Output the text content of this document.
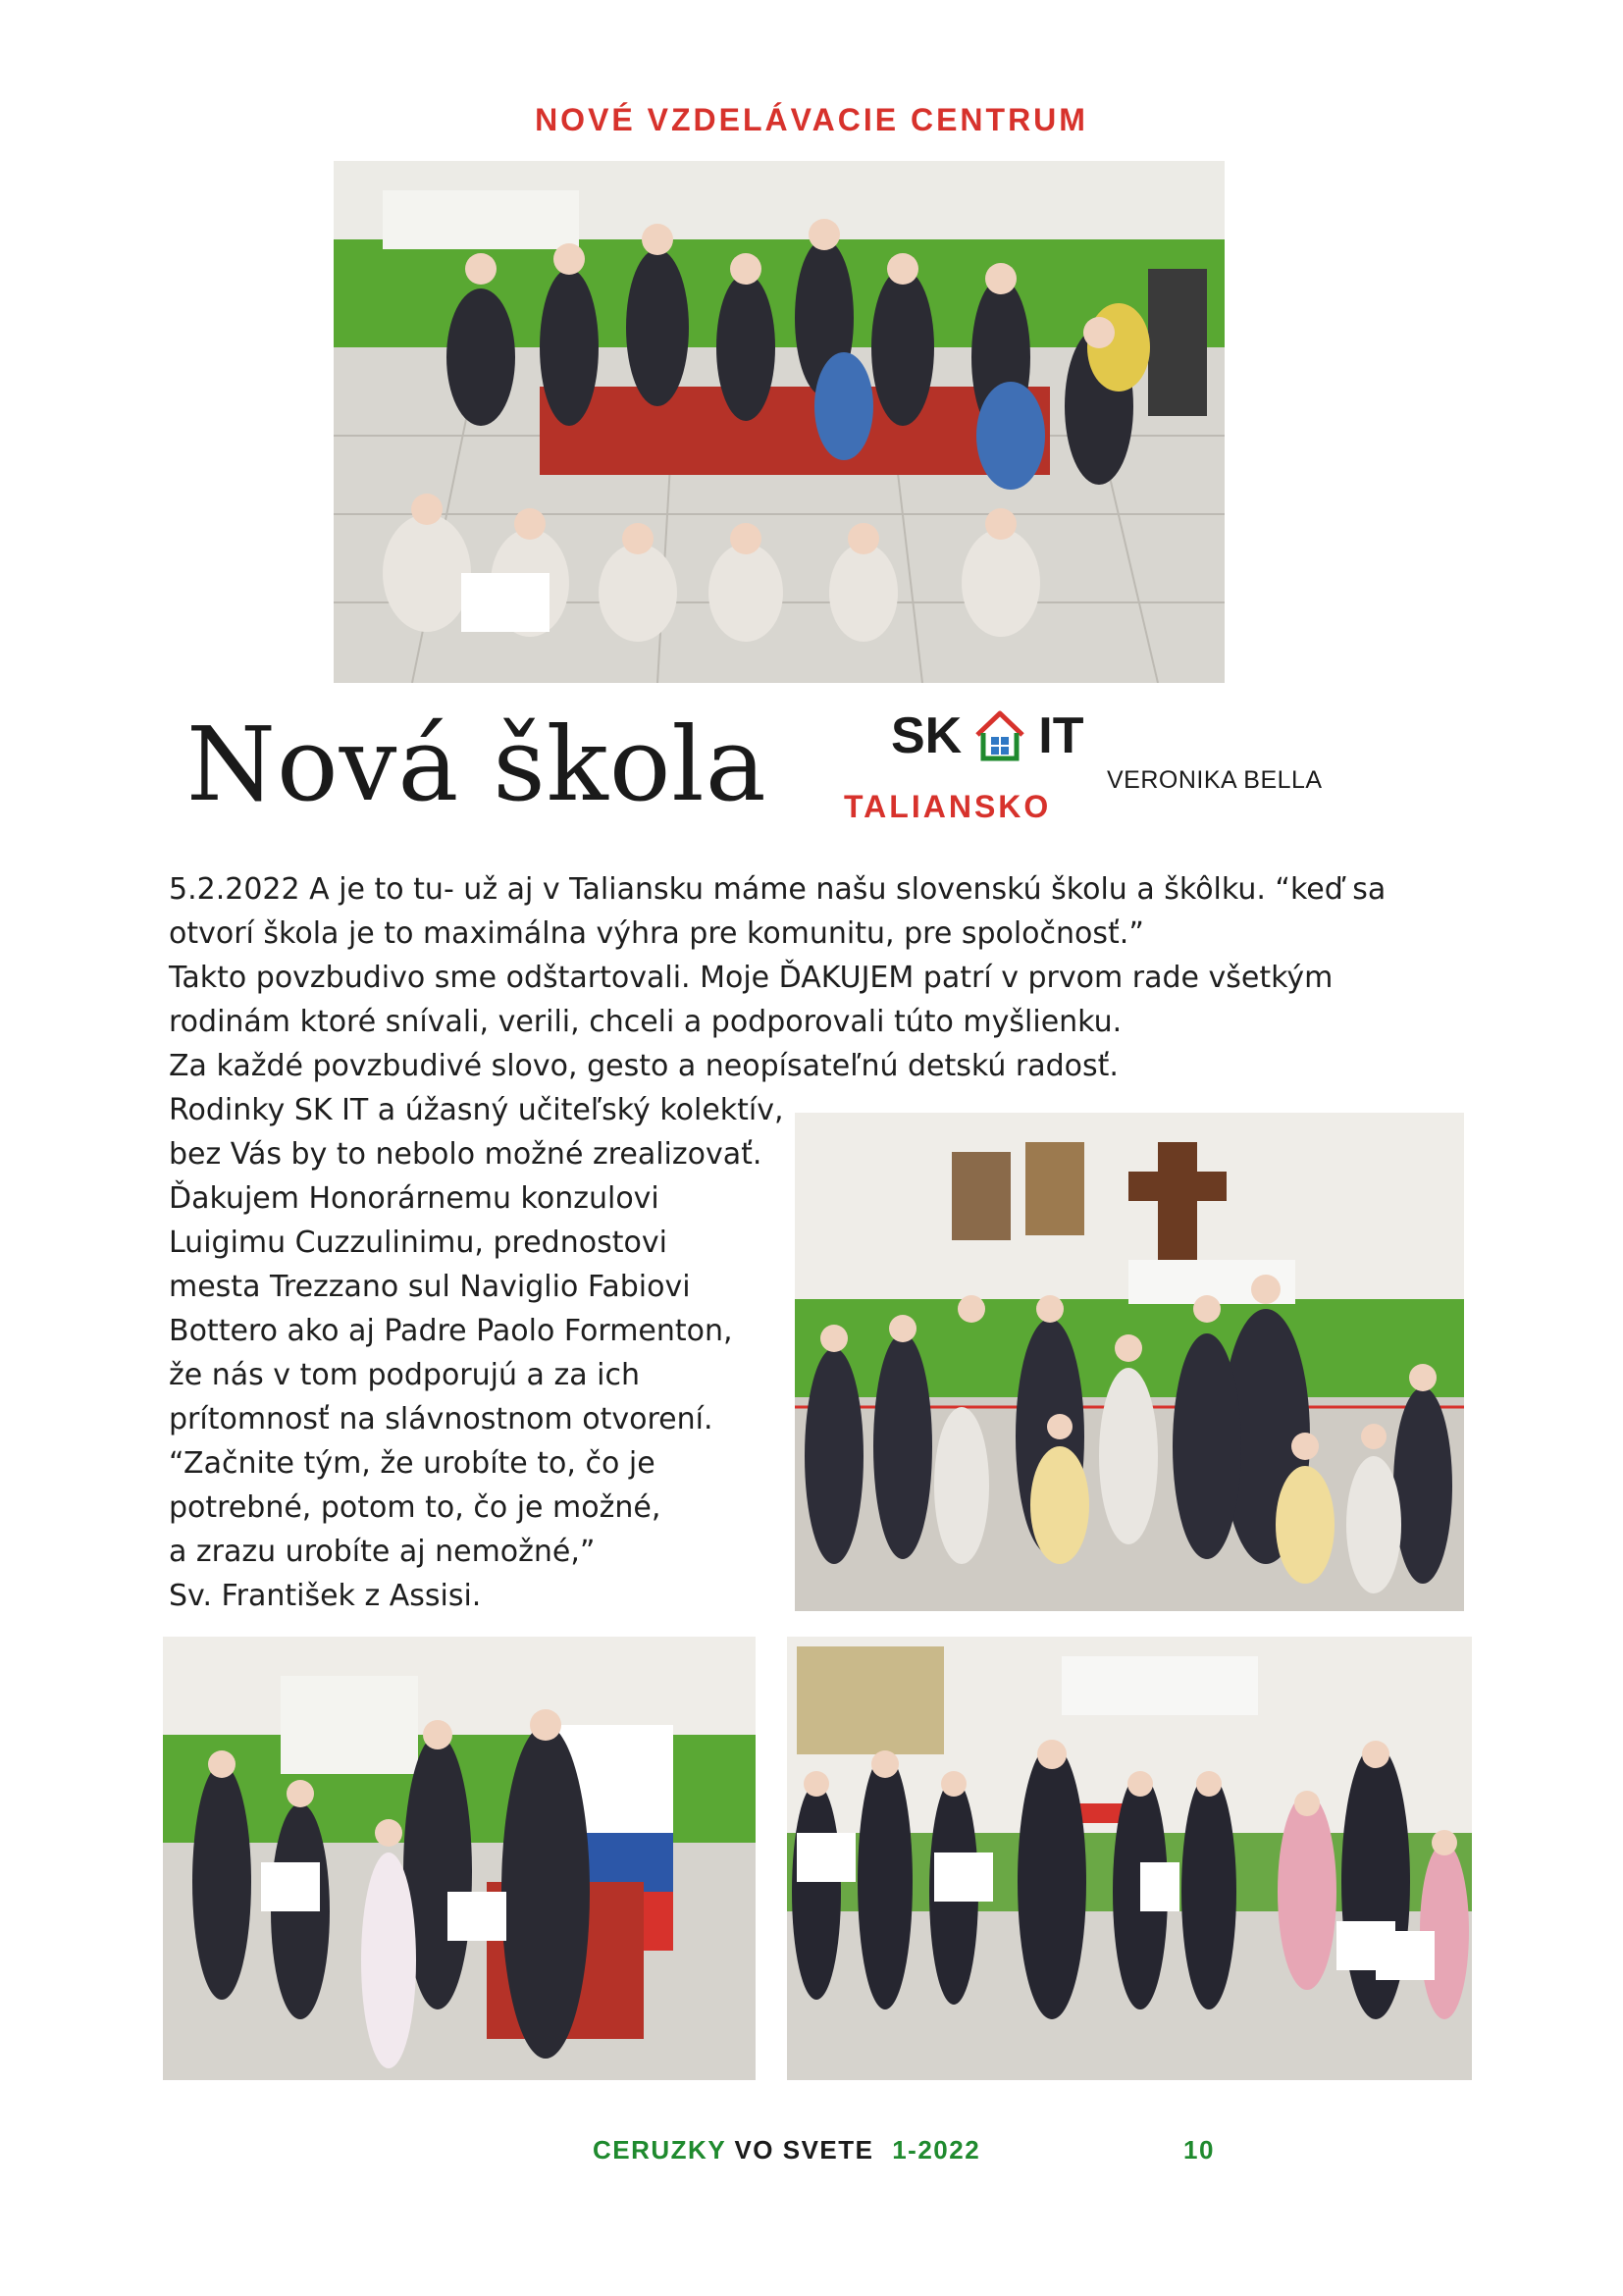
NOVÉ VZDELÁVACIE CENTRUM
Nová škola SK IT
VERONIKA BELLA
TALIANSKO

5.2.2022 A je to tu- už aj v Taliansku máme našu slovenskú školu a škôlku. “keď sa

otvorí škola je to maximálna výhra pre komunitu, pre spoločnosť.”

Takto povzbudivo sme odštartovali. Moje ĎAKUJEM patrí v prvom rade všetkým

rodinám ktoré snívali, verili, chceli a podporovali túto myšlienku.

Za každé povzbudivé slovo, gesto a neopísateľnú detskú radosť.

Rodinky SK IT a úžasný učiteľský kolektív,

bez Vás by to nebolo možné zrealizovať.

Ďakujem Honorárnemu konzulovi

Luigimu Cuzzulinimu, prednostovi

mesta Trezzano sul Naviglio Fabiovi

Bottero ako aj Padre Paolo Formenton,

že nás v tom podporujú a za ich

prítomnosť na slávnostnom otvorení.

“Začnite tým, že urobíte to, čo je

potrebné, potom to, čo je možné,

a zrazu urobíte aj nemožné,”

Sv. František z Assisi.

CERUZKY VO SVETE 1-2022	10
